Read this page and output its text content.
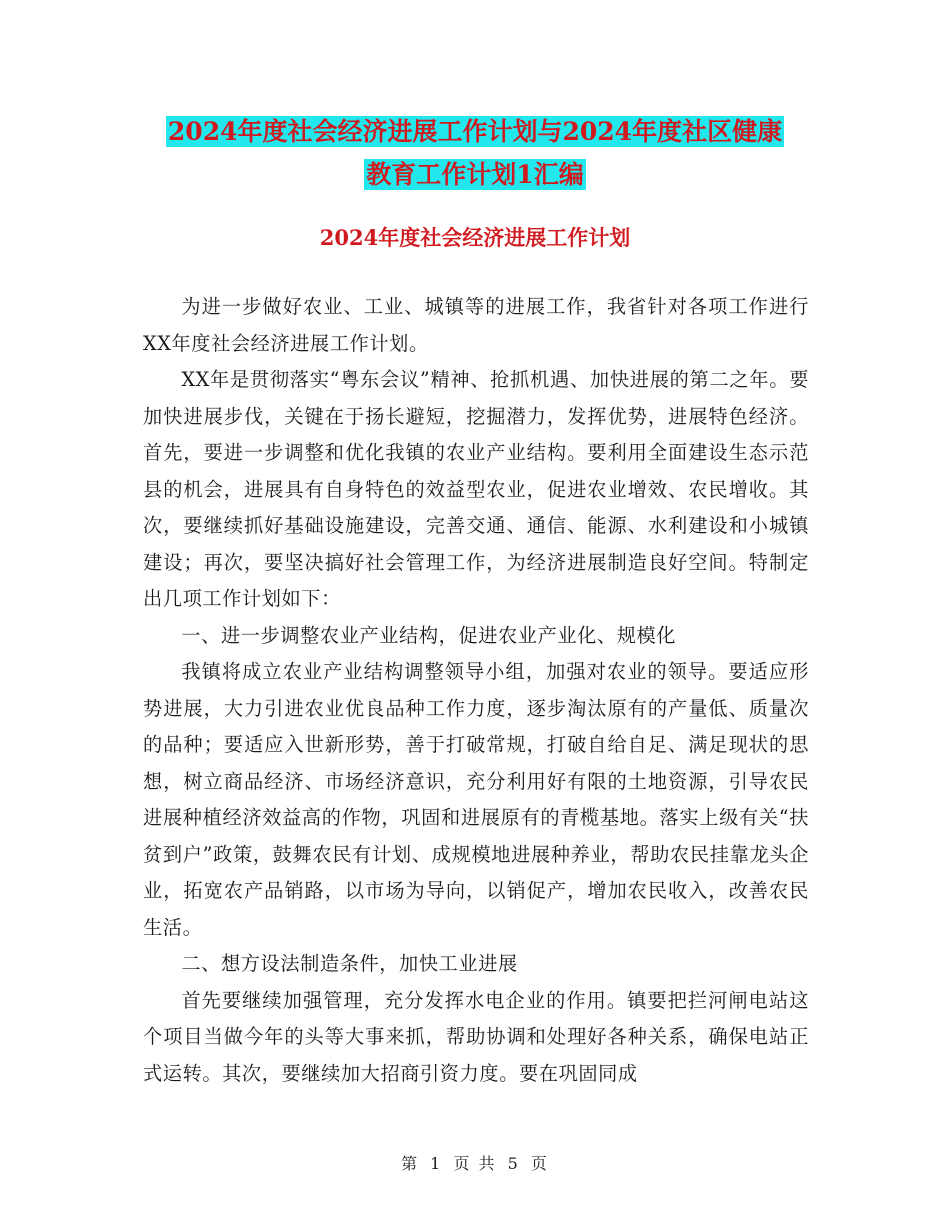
2024年度社会经济进展工作计划与2024年度社区健康
教育工作计划1汇编
2024年度社会经济进展工作计划

为进一步做好农业、工业、城镇等的进展工作，我省针对各项工作进行XX年度社会经济进展工作计划。

XX年是贯彻落实“粤东会议”精神、抢抓机遇、加快进展的第二之年。要加快进展步伐，关键在于扬长避短，挖掘潜力，发挥优势，进展特色经济。首先，要进一步调整和优化我镇的农业产业结构。要利用全面建设生态示范县的机会，进展具有自身特色的效益型农业，促进农业增效、农民增收。其次，要继续抓好基础设施建设，完善交通、通信、能源、水利建设和小城镇建设；再次，要坚决搞好社会管理工作，为经济进展制造良好空间。特制定出几项工作计划如下：

一、进一步调整农业产业结构，促进农业产业化、规模化

我镇将成立农业产业结构调整领导小组，加强对农业的领导。要适应形势进展，大力引进农业优良品种工作力度，逐步淘汰原有的产量低、质量次的品种；要适应入世新形势，善于打破常规，打破自给自足、满足现状的思想，树立商品经济、市场经济意识，充分利用好有限的土地资源，引导农民进展种植经济效益高的作物，巩固和进展原有的青榄基地。落实上级有关“扶贫到户”政策，鼓舞农民有计划、成规模地进展种养业，帮助农民挂靠龙头企业，拓宽农产品销路，以市场为导向，以销促产，增加农民收入，改善农民生活。

二、想方设法制造条件，加快工业进展

首先要继续加强管理，充分发挥水电企业的作用。镇要把拦河闸电站这个项目当做今年的头等大事来抓，帮助协调和处理好各种关系，确保电站正式运转。其次，要继续加大招商引资力度。要在巩固同成

第 1 页 共 5 页
